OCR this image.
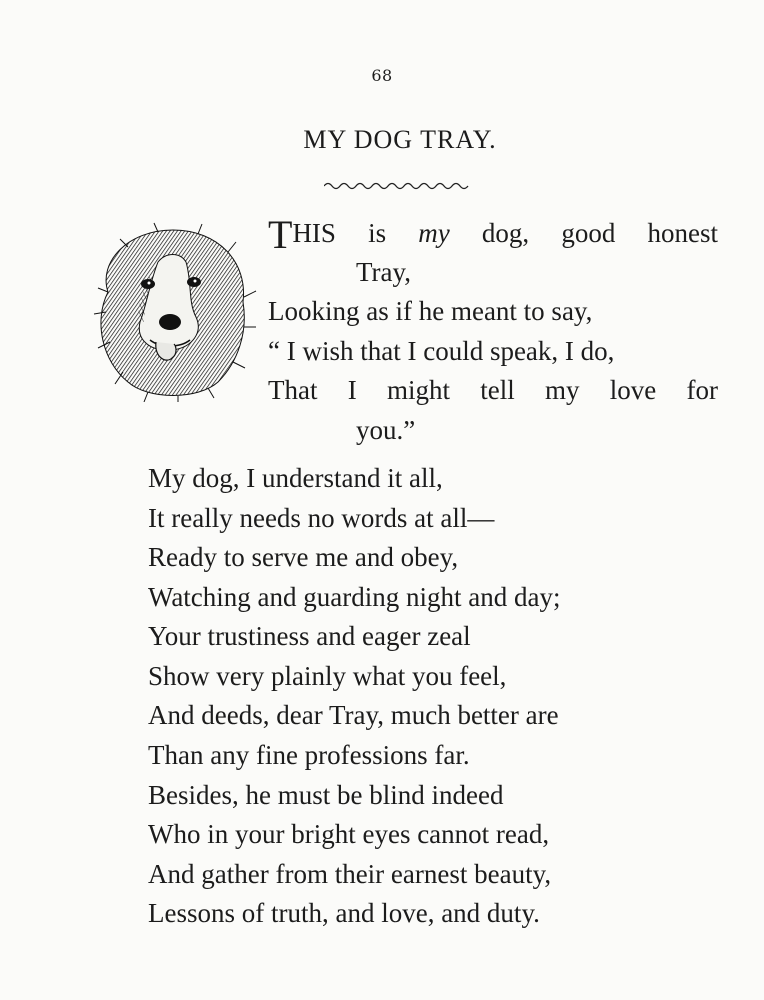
68
MY DOG TRAY.
THIS is my dog, good honest
Tray,
Looking as if he meant to say,
“ I wish that I could speak, I do,
That I might tell my love for
you.”
My dog, I understand it all,
It really needs no words at all—
Ready to serve me and obey,
Watching and guarding night and day;
Your trustiness and eager zeal
Show very plainly what you feel,
And deeds, dear Tray, much better are
Than any fine professions far.
Besides, he must be blind indeed
Who in your bright eyes cannot read,
And gather from their earnest beauty,
Lessons of truth, and love, and duty.
